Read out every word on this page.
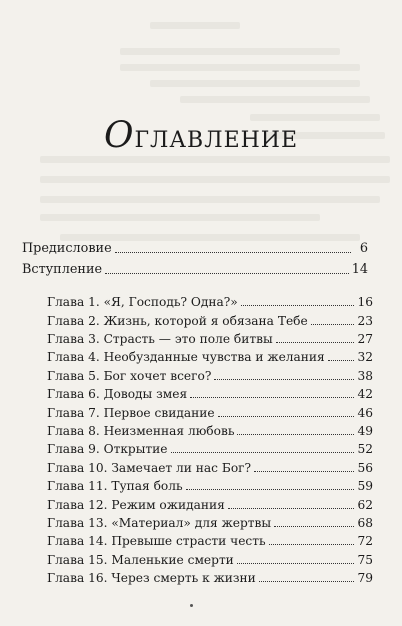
ОГЛАВЛЕНИЕ
Предисловие	6
Вступление	14
Глава 1. «Я, Господь? Одна?»	16
Глава 2. Жизнь, которой я обязана Тебе	23
Глава 3. Страсть — это поле битвы	27
Глава 4. Необузданные чувства и желания	32
Глава 5. Бог хочет всего?	38
Глава 6. Доводы змея	42
Глава 7. Первое свидание	46
Глава 8. Неизменная любовь	49
Глава 9. Открытие	52
Глава 10. Замечает ли нас Бог?	56
Глава 11. Тупая боль	59
Глава 12. Режим ожидания	62
Глава 13. «Материал» для жертвы	68
Глава 14. Превыше страсти честь	72
Глава 15. Маленькие смерти	75
Глава 16. Через смерть к жизни	79
